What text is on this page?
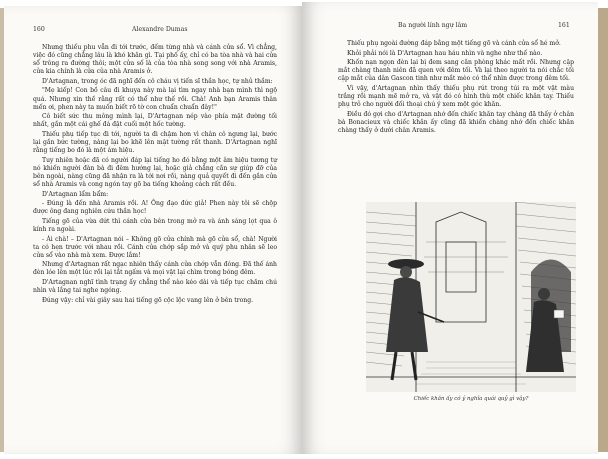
160	Alexandre Dumas

Nhưng thiếu phu vẫn đi tới trước, đếm từng nhà và cánh cửa sổ. Vì chẳng, việc đó cũng chẳng lâu là khó khăn gì. Tại phố ấy, chỉ có ba tòa nhà và hai cửa sổ trông ra đường thôi; một cửa số là của tòa nhà song song với nhà Aramis, cửa kia chính là cửa của nhà Aramis ở.

D'Artagnan, trong óc đã nghĩ đến cô cháu vị tiến sĩ thần học, tự nhủ thầm:

"Mẹ kiếp! Con bồ câu đi khuya này mà lại tìm ngay nhà bạn mình thì ngộ quá. Nhưng xin thề rằng rất có thể như thế rồi. Chà! Anh bạn Aramis thân mến ơi, phen này ta muốn biết rõ tờ con chuẩn chuẩn đây!"

Cô biết sức thu mông mình lại, D'Artagnan nép vào phía mặt đường tối nhất, gần một cái ghế đá đặt cuối một hốc tường.

Thiếu phụ tiếp tục đi tới, người ta đi chậm hơn vì chân cô ngưng lại, bước lại gần bức tường, nàng lại bo khẽ lên mặt tường rất thanh. D'Artagnan nghĩ rằng tiếng bo đó là một ám hiệu.

Tuy nhiên hoặc đã có người đáp lại tiếng ho đó bằng một âm hiệu tương tự nó khiến người đàn bà đi đêm hướng lại, hoặc giả chẳng cần sự giúp đỡ của bên ngoài, nàng cũng đã nhận ra là tới nơi rồi, nàng quả quyết đi đến gần cửa sổ nhà Aramis và cong ngón tay gõ ba tiếng khoảng cách rất đều.

D'Artagnan lẩm bẩm:

- Đúng là đến nhà Aramis rồi. A! Ông đạo đức giả! Phen này tôi sẽ chộp được ông đang nghiên cứu thần học!

Tiếng gõ của vừa dứt thì cánh cửa bên trong mở ra và ánh sáng lọt qua ô kính ra ngoài.

- Ái chà! – D'Artagnan nói – Không gõ cửa chính mà gõ cửa sổ, chà! Người ta có hẹn trước với nhau rồi. Cánh cửa chớp sắp mở và quý phu nhân sẽ leo cửa sổ vào nhà mà xem. Được lắm!

Nhưng d'Artagnan rất ngạc nhiên thấy cánh cửa chớp vẫn đóng. Đã thế ánh đèn lóe lên một lúc rồi lại tắt ngấm và mọi vật lại chìm trong bóng đêm.

D'Artagnan nghĩ tình trạng ấy chẳng thể nào kéo dài và tiếp tục chăm chú nhìn và lắng tai nghe ngóng.

Đúng vậy: chỉ vài giây sau hai tiếng gõ cộc lộc vang lên ở bên trong.

Ba người lính ngự lâm	161

Thiếu phụ ngoài đường đáp bằng một tiếng gõ và cánh cửa sổ hé mở.

Khỏi phải nói là D'Artagnan hau háu nhìn và nghe như thế nào.

Khốn nạn ngọn đèn lại bị đem sang căn phòng khác mất rồi. Nhưng cặp mắt chàng thanh niên đã quen với đêm tối. Và lại theo người ta nói chắc tối cặp mắt của dân Gascon tinh như mắt mèo có thể nhìn được trong đêm tối.

Vì vậy, d'Artagnan nhìn thấy thiếu phụ rút trong túi ra một vật màu trắng rồi mạnh mẽ mở ra, và vật đó có hình thù một chiếc khăn tay. Thiếu phụ trỏ cho người đối thoại chú ý xem một góc khăn.

Điều đó gợi cho d'Artagnan nhớ đến chiếc khăn tay chàng đã thấy ở chân bà Bonacieux và chiếc khăn ấy cũng đã khiến chàng nhớ đến chiếc khăn chàng thấy ở dưới chân Aramis.

Chiếc khăn ấy có ý nghĩa quái quỷ gì vậy?
